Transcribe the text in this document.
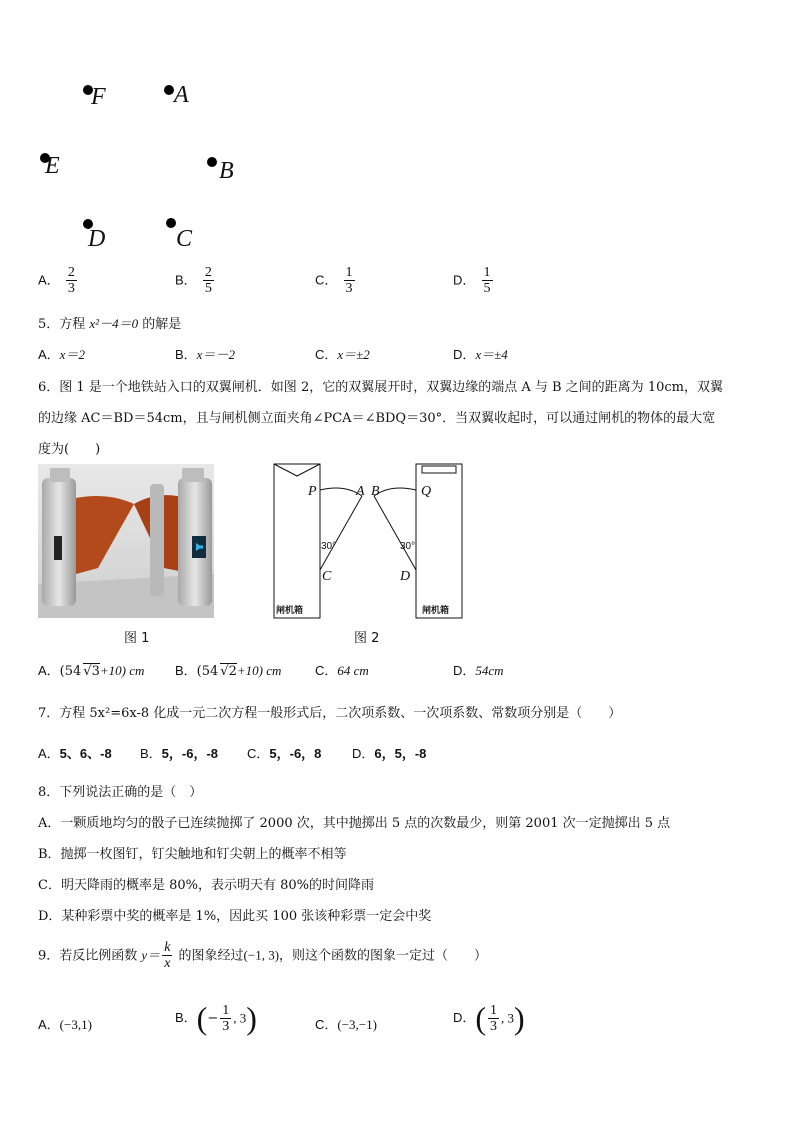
F	A
E	B
D	C
A． $\frac{2}{3}$	B． $\frac{2}{5}$	C． $\frac{1}{3}$	D． $\frac{1}{5}$
5．方程 x²－4＝0 的解是
A．x＝2	B．x＝－2	C．x＝±2	D．x＝±4
6．图 1 是一个地铁站入口的双翼闸机．如图 2，它的双翼展开时，双翼边缘的端点 A 与 B 之间的距离为 10cm，双翼
的边缘 AC＝BD＝54cm，且与闸机侧立面夹角∠PCA＝∠BDQ＝30°．当双翼收起时，可以通过闸机的物体的最大宽
度为(　　)
图 1
P	A B	Q
30°	30°
C	D
闸机箱	闸机箱
图 2
A．(54 √3+10) cm B．(54 √2+10) cm	C．64 cm	D．54cm
7．方程 5x²=6x-8 化成一元二次方程一般形式后，二次项系数、一次项系数、常数项分别是（　　）
A．5、6、-8 B．5，-6，-8 C．5，-6，8 D．6，5，-8
8．下列说法正确的是（　）
A．一颗质地均匀的骰子已连续抛掷了 2000 次，其中抛掷出 5 点的次数最少，则第 2001 次一定抛掷出 5 点
B．抛掷一枚图钉，钉尖触地和钉尖朝上的概率不相等
C．明天降雨的概率是 80%，表示明天有 80%的时间降雨
D．某种彩票中奖的概率是 1%，因此买 100 张该种彩票一定会中奖
9．若反比例函数 $y= \frac{k}{x}$ 的图象经过(−1, 3)，则这个函数的图象一定过（　　）
A．(−3,1)	B．(− $\frac{1}{3}$ , 3)	C．(−3,−1)	D．( $\frac{1}{3}$ , 3)
